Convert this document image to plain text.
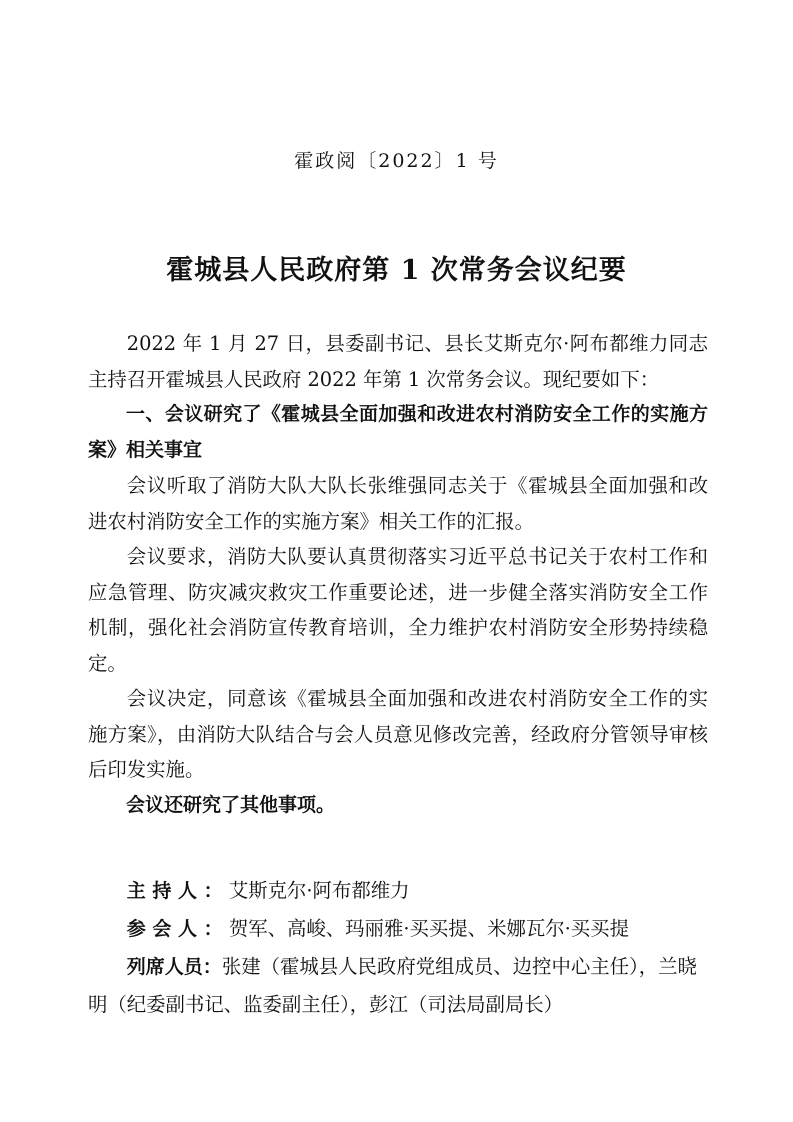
霍政阅〔2022〕1 号
霍城县人民政府第 1 次常务会议纪要

2022 年 1 月 27 日，县委副书记、县长艾斯克尔·阿布都维力同志主持召开霍城县人民政府 2022 年第 1 次常务会议。现纪要如下：

一、会议研究了《霍城县全面加强和改进农村消防安全工作的实施方案》相关事宜

会议听取了消防大队大队长张维强同志关于《霍城县全面加强和改进农村消防安全工作的实施方案》相关工作的汇报。

会议要求，消防大队要认真贯彻落实习近平总书记关于农村工作和应急管理、防灾减灾救灾工作重要论述，进一步健全落实消防安全工作机制，强化社会消防宣传教育培训，全力维护农村消防安全形势持续稳定。

会议决定，同意该《霍城县全面加强和改进农村消防安全工作的实施方案》，由消防大队结合与会人员意见修改完善，经政府分管领导审核后印发实施。

会议还研究了其他事项。

主 持 人 ： 艾斯克尔·阿布都维力

参 会 人 ： 贺军、高峻、玛丽雅·买买提、米娜瓦尔·买买提

列席人员：张建（霍城县人民政府党组成员、边控中心主任），兰晓明（纪委副书记、监委副主任），彭江（司法局副局长）
